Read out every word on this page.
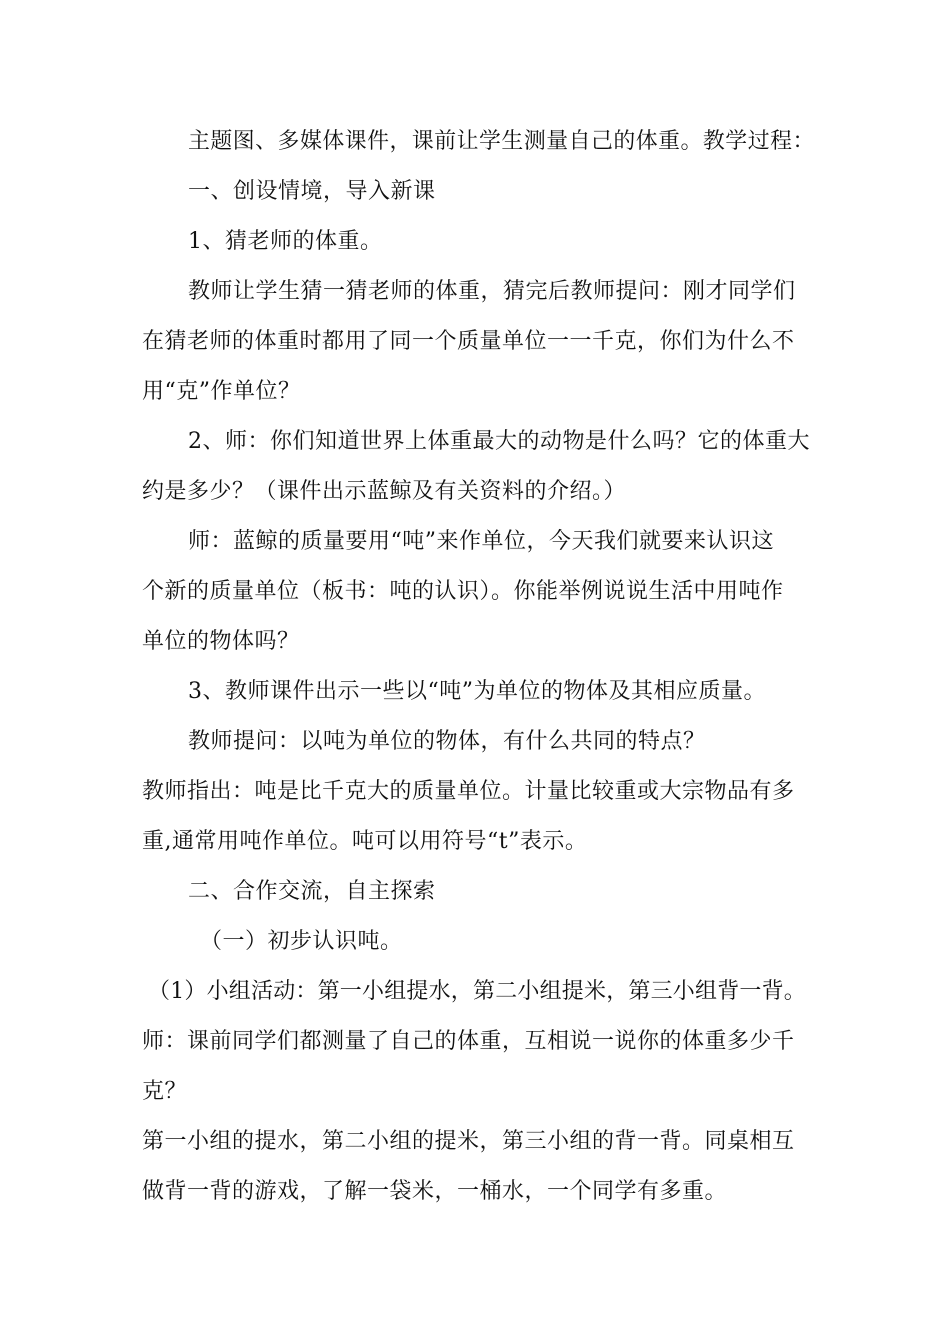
主题图、多媒体课件，课前让学生测量自己的体重。教学过程：
一、创设情境，导入新课
1、猜老师的体重。
教师让学生猜一猜老师的体重，猜完后教师提问：刚才同学们
在猜老师的体重时都用了同一个质量单位一一千克，你们为什么不
用“克”作单位？
2、师：你们知道世界上体重最大的动物是什么吗？它的体重大
约是多少？（课件出示蓝鲸及有关资料的介绍。）
师：蓝鲸的质量要用“吨”来作单位，今天我们就要来认识这
个新的质量单位（板书：吨的认识）。你能举例说说生活中用吨作
单位的物体吗？
3、教师课件出示一些以“吨”为单位的物体及其相应质量。
教师提问：以吨为单位的物体，有什么共同的特点？
教师指出：吨是比千克大的质量单位。计量比较重或大宗物品有多
重,通常用吨作单位。吨可以用符号“t”表示。
二、合作交流，自主探索
（一）初步认识吨。
（1）小组活动：第一小组提水，第二小组提米，第三小组背一背。
师：课前同学们都测量了自己的体重，互相说一说你的体重多少千
克？
第一小组的提水，第二小组的提米，第三小组的背一背。同桌相互
做背一背的游戏，了解一袋米，一桶水，一个同学有多重。
